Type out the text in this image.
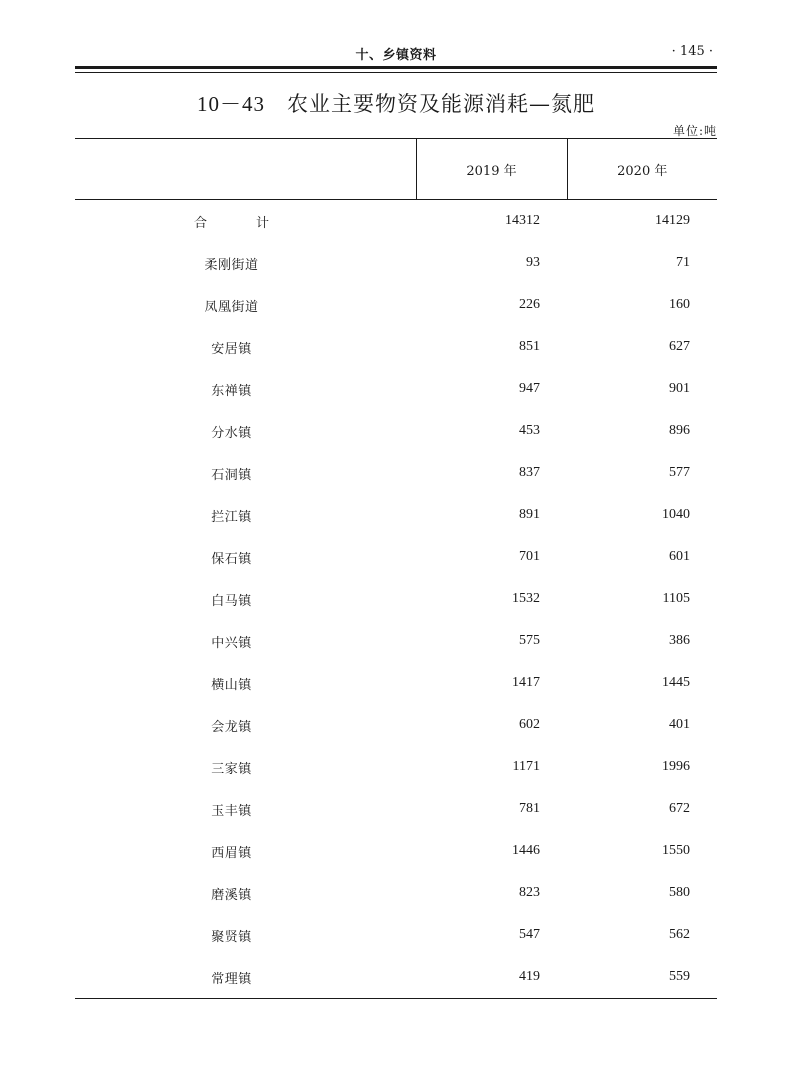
十、乡镇资料	· 145 ·
10－43 农业主要物资及能源消耗—氮肥
单位:吨
	2019 年	2020 年
合　计	14312	14129
柔刚街道	93	71
凤凰街道	226	160
安居镇	851	627
东禅镇	947	901
分水镇	453	896
石洞镇	837	577
拦江镇	891	1040
保石镇	701	601
白马镇	1532	1105
中兴镇	575	386
横山镇	1417	1445
会龙镇	602	401
三家镇	1171	1996
玉丰镇	781	672
西眉镇	1446	1550
磨溪镇	823	580
聚贤镇	547	562
常理镇	419	559
